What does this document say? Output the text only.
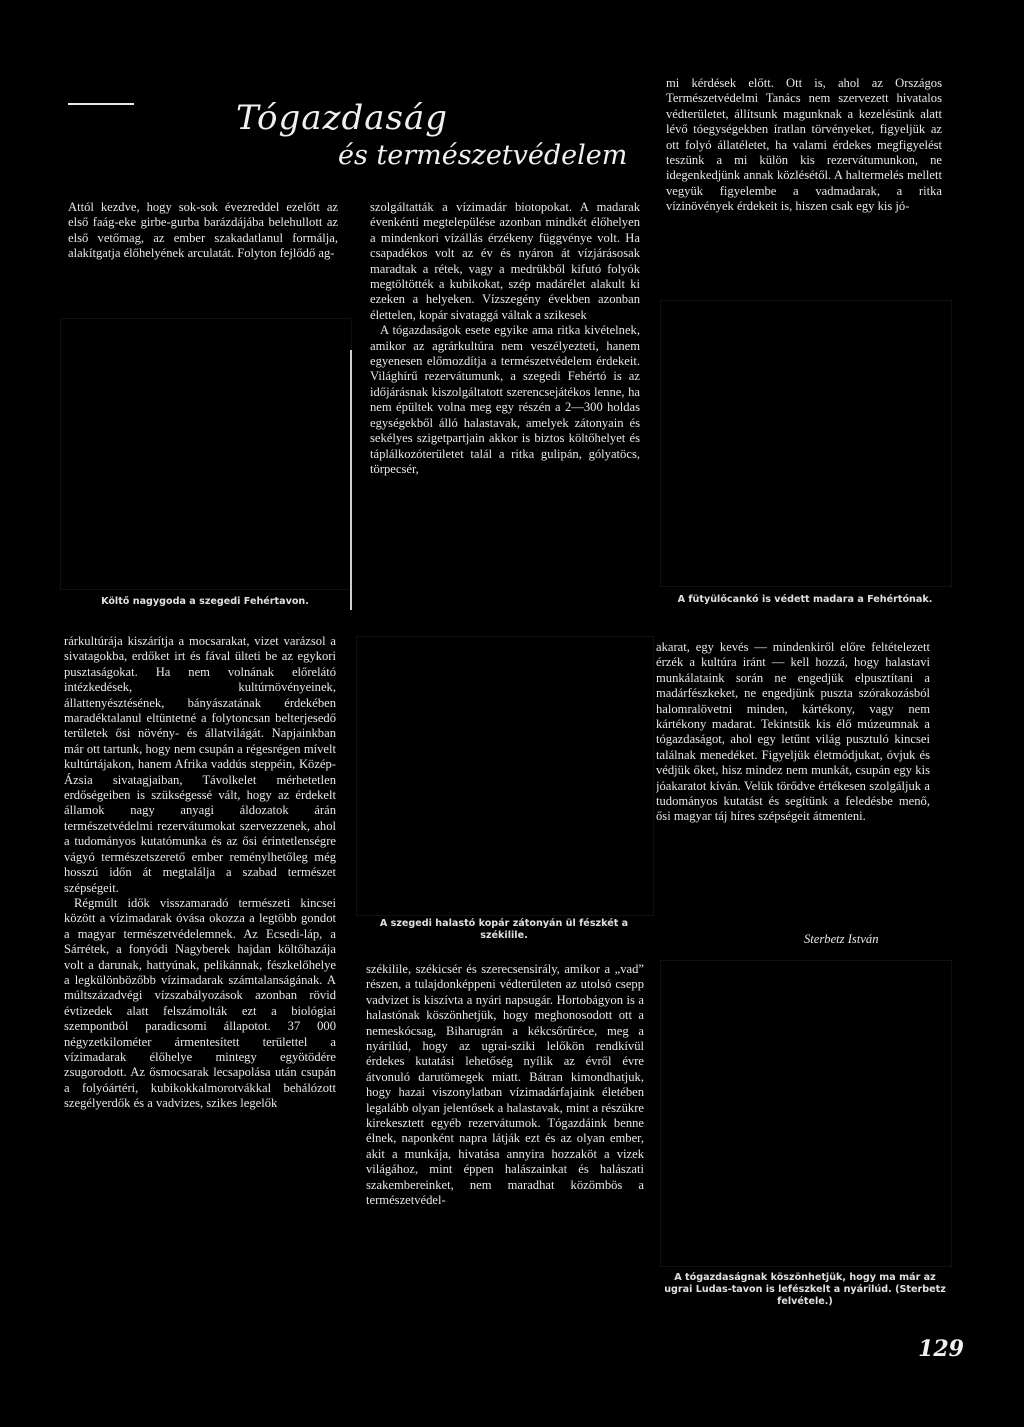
Tógazdaság
és természetvédelem

Attól kezdve, hogy sok-sok évezreddel ezelőtt az első faág-eke girbe-gurba barázdájába belehullott az első vetőmag, az ember szakadatlanul formálja, alakítgatja élőhelyének arculatát. Folyton fejlődő ag-

Költő nagygoda a szegedi Fehértavon.

szolgáltatták a vízimadár biotopokat. A madarak évenkénti megtelepülése azonban mindkét élőhelyen a mindenkori vízállás érzékeny függvénye volt. Ha csapadékos volt az év és nyáron át vízjárásosak maradtak a rétek, vagy a medrükből kifutó folyók megtöltötték a kubikokat, szép madárélet alakult ki ezeken a helyeken. Vízszegény években azonban élettelen, kopár sivataggá váltak a szikesek

A tógazdaságok esete egyike ama ritka kivételnek, amikor az agrárkultúra nem veszélyezteti, hanem egyenesen előmozdítja a természetvédelem érdekeit. Világhírű rezervátumunk, a szegedi Fehértó is az időjárásnak kiszolgáltatott szerencsejátékos lenne, ha nem épültek volna meg egy részén a 2—300 holdas egységekből álló halastavak, amelyek zátonyain és sekélyes szigetpartjain akkor is biztos költőhelyet és táplálkozóterületet talál a ritka gulipán, gólyatöcs, törpecsér,

mi kérdések előtt. Ott is, ahol az Országos Természetvédelmi Tanács nem szervezett hivatalos védterületet, állítsunk magunknak a kezelésünk alatt lévő tóegységekben íratlan törvényeket, figyeljük az ott folyó állatéletet, ha valami érdekes megfigyelést teszünk a mi külön kis rezervátumunkon, ne idegenkedjünk annak közlésétől. A haltermelés mellett vegyük figyelembe a vadmadarak, a ritka vízinövények érdekeit is, hiszen csak egy kis jó-

A fütyülőcankó is védett madara a Fehértónak.

rárkultúrája kiszárítja a mocsarakat, vizet varázsol a sivatagokba, erdőket irt és fával ülteti be az egykori pusztaságokat. Ha nem volnának előrelátó intézkedések, kultúrnövényeinek, állattenyésztésének, bányászatának érdekében maradéktalanul eltüntetné a folytoncsan belterjesedő területek ősi növény- és állatvilágát. Napjainkban már ott tartunk, hogy nem csupán a régesrégen mívelt kultúrtájakon, hanem Afrika vaddús steppéin, Közép-Ázsia sivatagjaiban, Távolkelet mérhetetlen erdőségeiben is szükségessé vált, hogy az érdekelt államok nagy anyagi áldozatok árán természetvédelmi rezervátumokat szervezzenek, ahol a tudományos kutatómunka és az ősi érintetlenségre vágyó természetszerető ember reménylhetőleg még hosszú időn át megtalálja a szabad természet szépségeit.

Régmúlt idők visszamaradó természeti kincsei között a vízimadarak óvása okozza a legtöbb gondot a magyar természetvédelemnek. Az Ecsedi-láp, a Sárrétek, a fonyódi Nagyberek hajdan költőhazája volt a darunak, hattyúnak, pelikánnak, fészkelőhelye a legkülönbözőbb vízimadarak számtalanságának. A múltszázadvégi vízszabályozások azonban rövid évtizedek alatt felszámolták ezt a biológiai szempontból paradicsomi állapotot. 37 000 négyzetkilométer ármentesített területtel a vízimadarak élőhelye mintegy egyötödére zsugorodott. Az ősmocsarak lecsapolása után csupán a folyóártéri, kubikokkalmorotvákkal behálózott szegélyerdők és a vadvizes, szikes legelők

A szegedi halastó kopár zátonyán ül fészkét a székilile.

székilile, székicsér és szerecsensirály, amikor a „vad” részen, a tulajdonképpeni védterületen az utolsó csepp vadvizet is kiszívta a nyári napsugár. Hortobágyon is a halastónak köszönhetjük, hogy meghonosodott ott a nemeskócsag, Biharugrán a kékcsőrűréce, meg a nyárilúd, hogy az ugrai-sziki lelőkön rendkívül érdekes kutatási lehetőség nyílik az évről évre átvonuló darutömegek miatt. Bátran kimondhatjuk, hogy hazai viszonylatban vízimadárfajaink életében legalább olyan jelentősek a halastavak, mint a részükre kirekesztett egyéb rezervátumok. Tógazdáink benne élnek, naponként napra látják ezt és az olyan ember, akit a munkája, hivatása annyira hozzaköt a vizek világához, mint éppen halászainkat és halászati szakembereinket, nem maradhat közömbös a természetvédel-

akarat, egy kevés — mindenkiről előre feltételezett érzék a kultúra iránt — kell hozzá, hogy halastavi munkálataink során ne engedjük elpusztítani a madárfészkeket, ne engedjünk puszta szórakozásból halomralövetni minden, kártékony, vagy nem kártékony madarat. Tekintsük kis élő múzeumnak a tógazdaságot, ahol egy letűnt világ pusztuló kincsei találnak menedéket. Figyeljük életmódjukat, óvjuk és védjük őket, hisz mindez nem munkát, csupán egy kis jóakaratot kíván. Velük törődve értékesen szolgáljuk a tudományos kutatást és segítünk a feledésbe menő, ősi magyar táj híres szépségeit átmenteni.

Sterbetz István
A tógazdaságnak köszönhetjük, hogy ma már az ugrai Ludas-tavon is lefészkelt a nyárilúd. (Sterbetz felvétele.)
129
